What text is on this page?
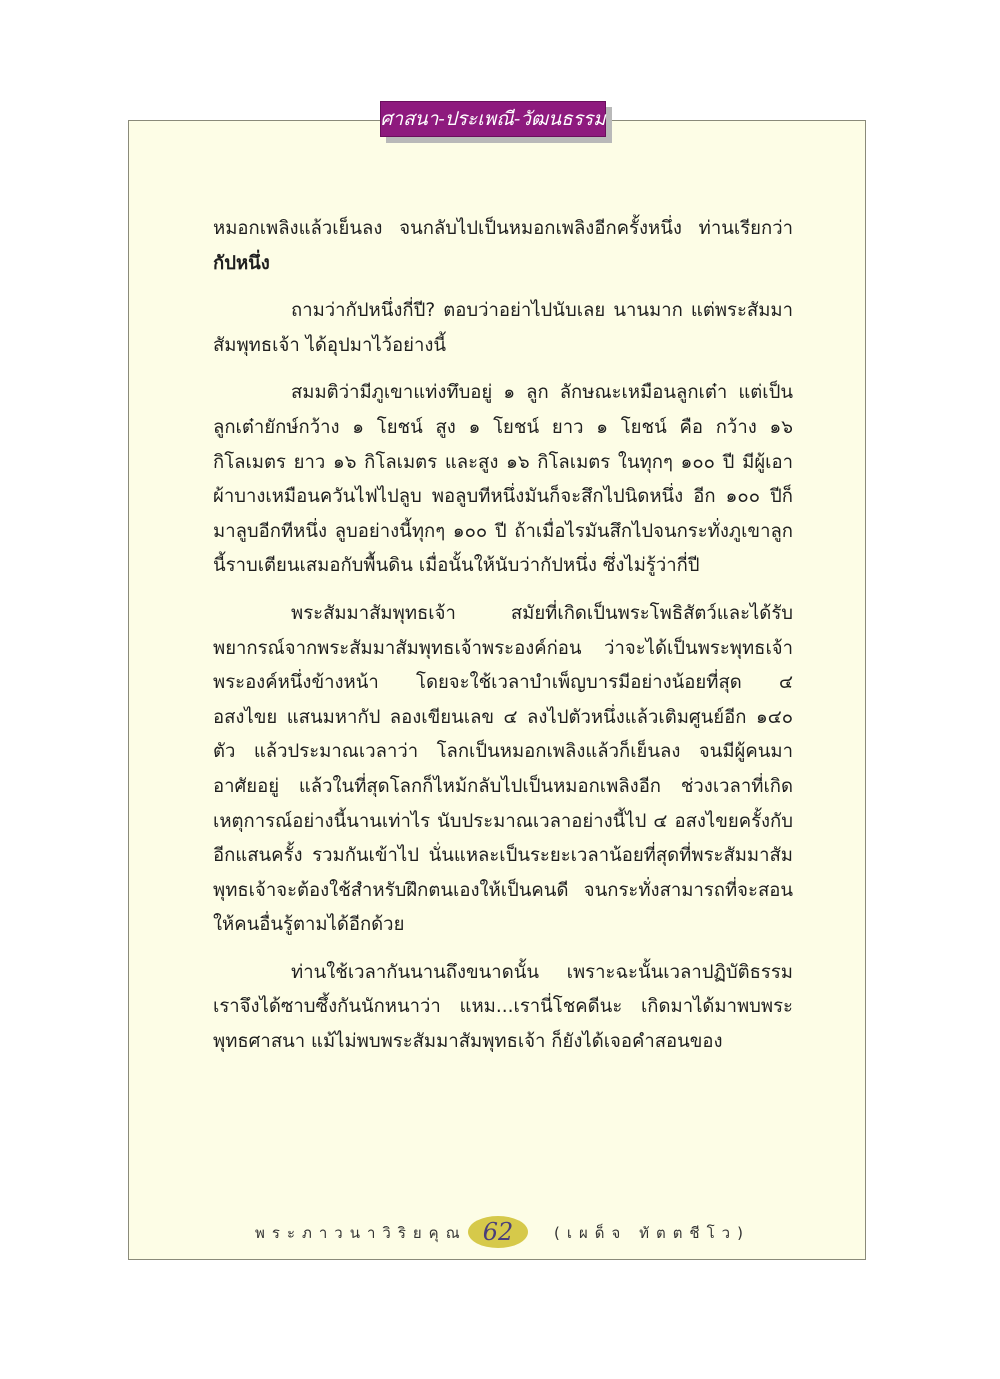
ศาสนา-ประเพณี-วัฒนธรรม

หมอกเพลิงแล้วเย็นลง จนกลับไปเป็นหมอกเพลิงอีกครั้งหนึ่ง ท่านเรียกว่ากัปหนึ่ง

ถามว่ากัปหนึ่งกี่ปี? ตอบว่าอย่าไปนับเลย นานมาก แต่พระสัมมาสัมพุทธเจ้า ได้อุปมาไว้อย่างนี้

สมมติว่ามีภูเขาแท่งทึบอยู่ ๑ ลูก ลักษณะเหมือนลูกเต๋า แต่เป็นลูกเต๋ายักษ์กว้าง ๑ โยชน์ สูง ๑ โยชน์ ยาว ๑ โยชน์ คือ กว้าง ๑๖ กิโลเมตร ยาว ๑๖ กิโลเมตร และสูง ๑๖ กิโลเมตร ในทุกๆ ๑๐๐ ปี มีผู้เอาผ้าบางเหมือนควันไฟไปลูบ พอลูบทีหนึ่งมันก็จะสึกไปนิดหนึ่ง อีก ๑๐๐ ปีก็มาลูบอีกทีหนึ่ง ลูบอย่างนี้ทุกๆ ๑๐๐ ปี ถ้าเมื่อไรมันสึกไปจนกระทั่งภูเขาลูกนี้ราบเตียนเสมอกับพื้นดิน เมื่อนั้นให้นับว่ากัปหนึ่ง ซึ่งไม่รู้ว่ากี่ปี

พระสัมมาสัมพุทธเจ้า สมัยที่เกิดเป็นพระโพธิสัตว์และได้รับพยากรณ์จากพระสัมมาสัมพุทธเจ้าพระองค์ก่อน ว่าจะได้เป็นพระพุทธเจ้าพระองค์หนึ่งข้างหน้า โดยจะใช้เวลาบำเพ็ญบารมีอย่างน้อยที่สุด ๔ อสงไขย แสนมหากัป ลองเขียนเลข ๔ ลงไปตัวหนึ่งแล้วเติมศูนย์อีก ๑๔๐ ตัว แล้วประมาณเวลาว่า โลกเป็นหมอกเพลิงแล้วก็เย็นลง จนมีผู้คนมาอาศัยอยู่ แล้วในที่สุดโลกก็ไหม้กลับไปเป็นหมอกเพลิงอีก ช่วงเวลาที่เกิดเหตุการณ์อย่างนี้นานเท่าไร นับประมาณเวลาอย่างนี้ไป ๔ อสงไขยครั้งกับอีกแสนครั้ง รวมกันเข้าไป นั่นแหละเป็นระยะเวลาน้อยที่สุดที่พระสัมมาสัมพุทธเจ้าจะต้องใช้สำหรับฝึกตนเองให้เป็นคนดี จนกระทั่งสามารถที่จะสอนให้คนอื่นรู้ตามได้อีกด้วย

ท่านใช้เวลากันนานถึงขนาดนั้น เพราะฉะนั้นเวลาปฏิบัติธรรม เราจึงได้ซาบซึ้งกันนักหนาว่า แหม...เรานี่โชคดีนะ เกิดมาได้มาพบพระพุทธศาสนา แม้ไม่พบพระสัมมาสัมพุทธเจ้า ก็ยังได้เจอคำสอนของ

พระภาวนาวิริยคุณ 62	(เผด็จ ทัตตชีโว)
